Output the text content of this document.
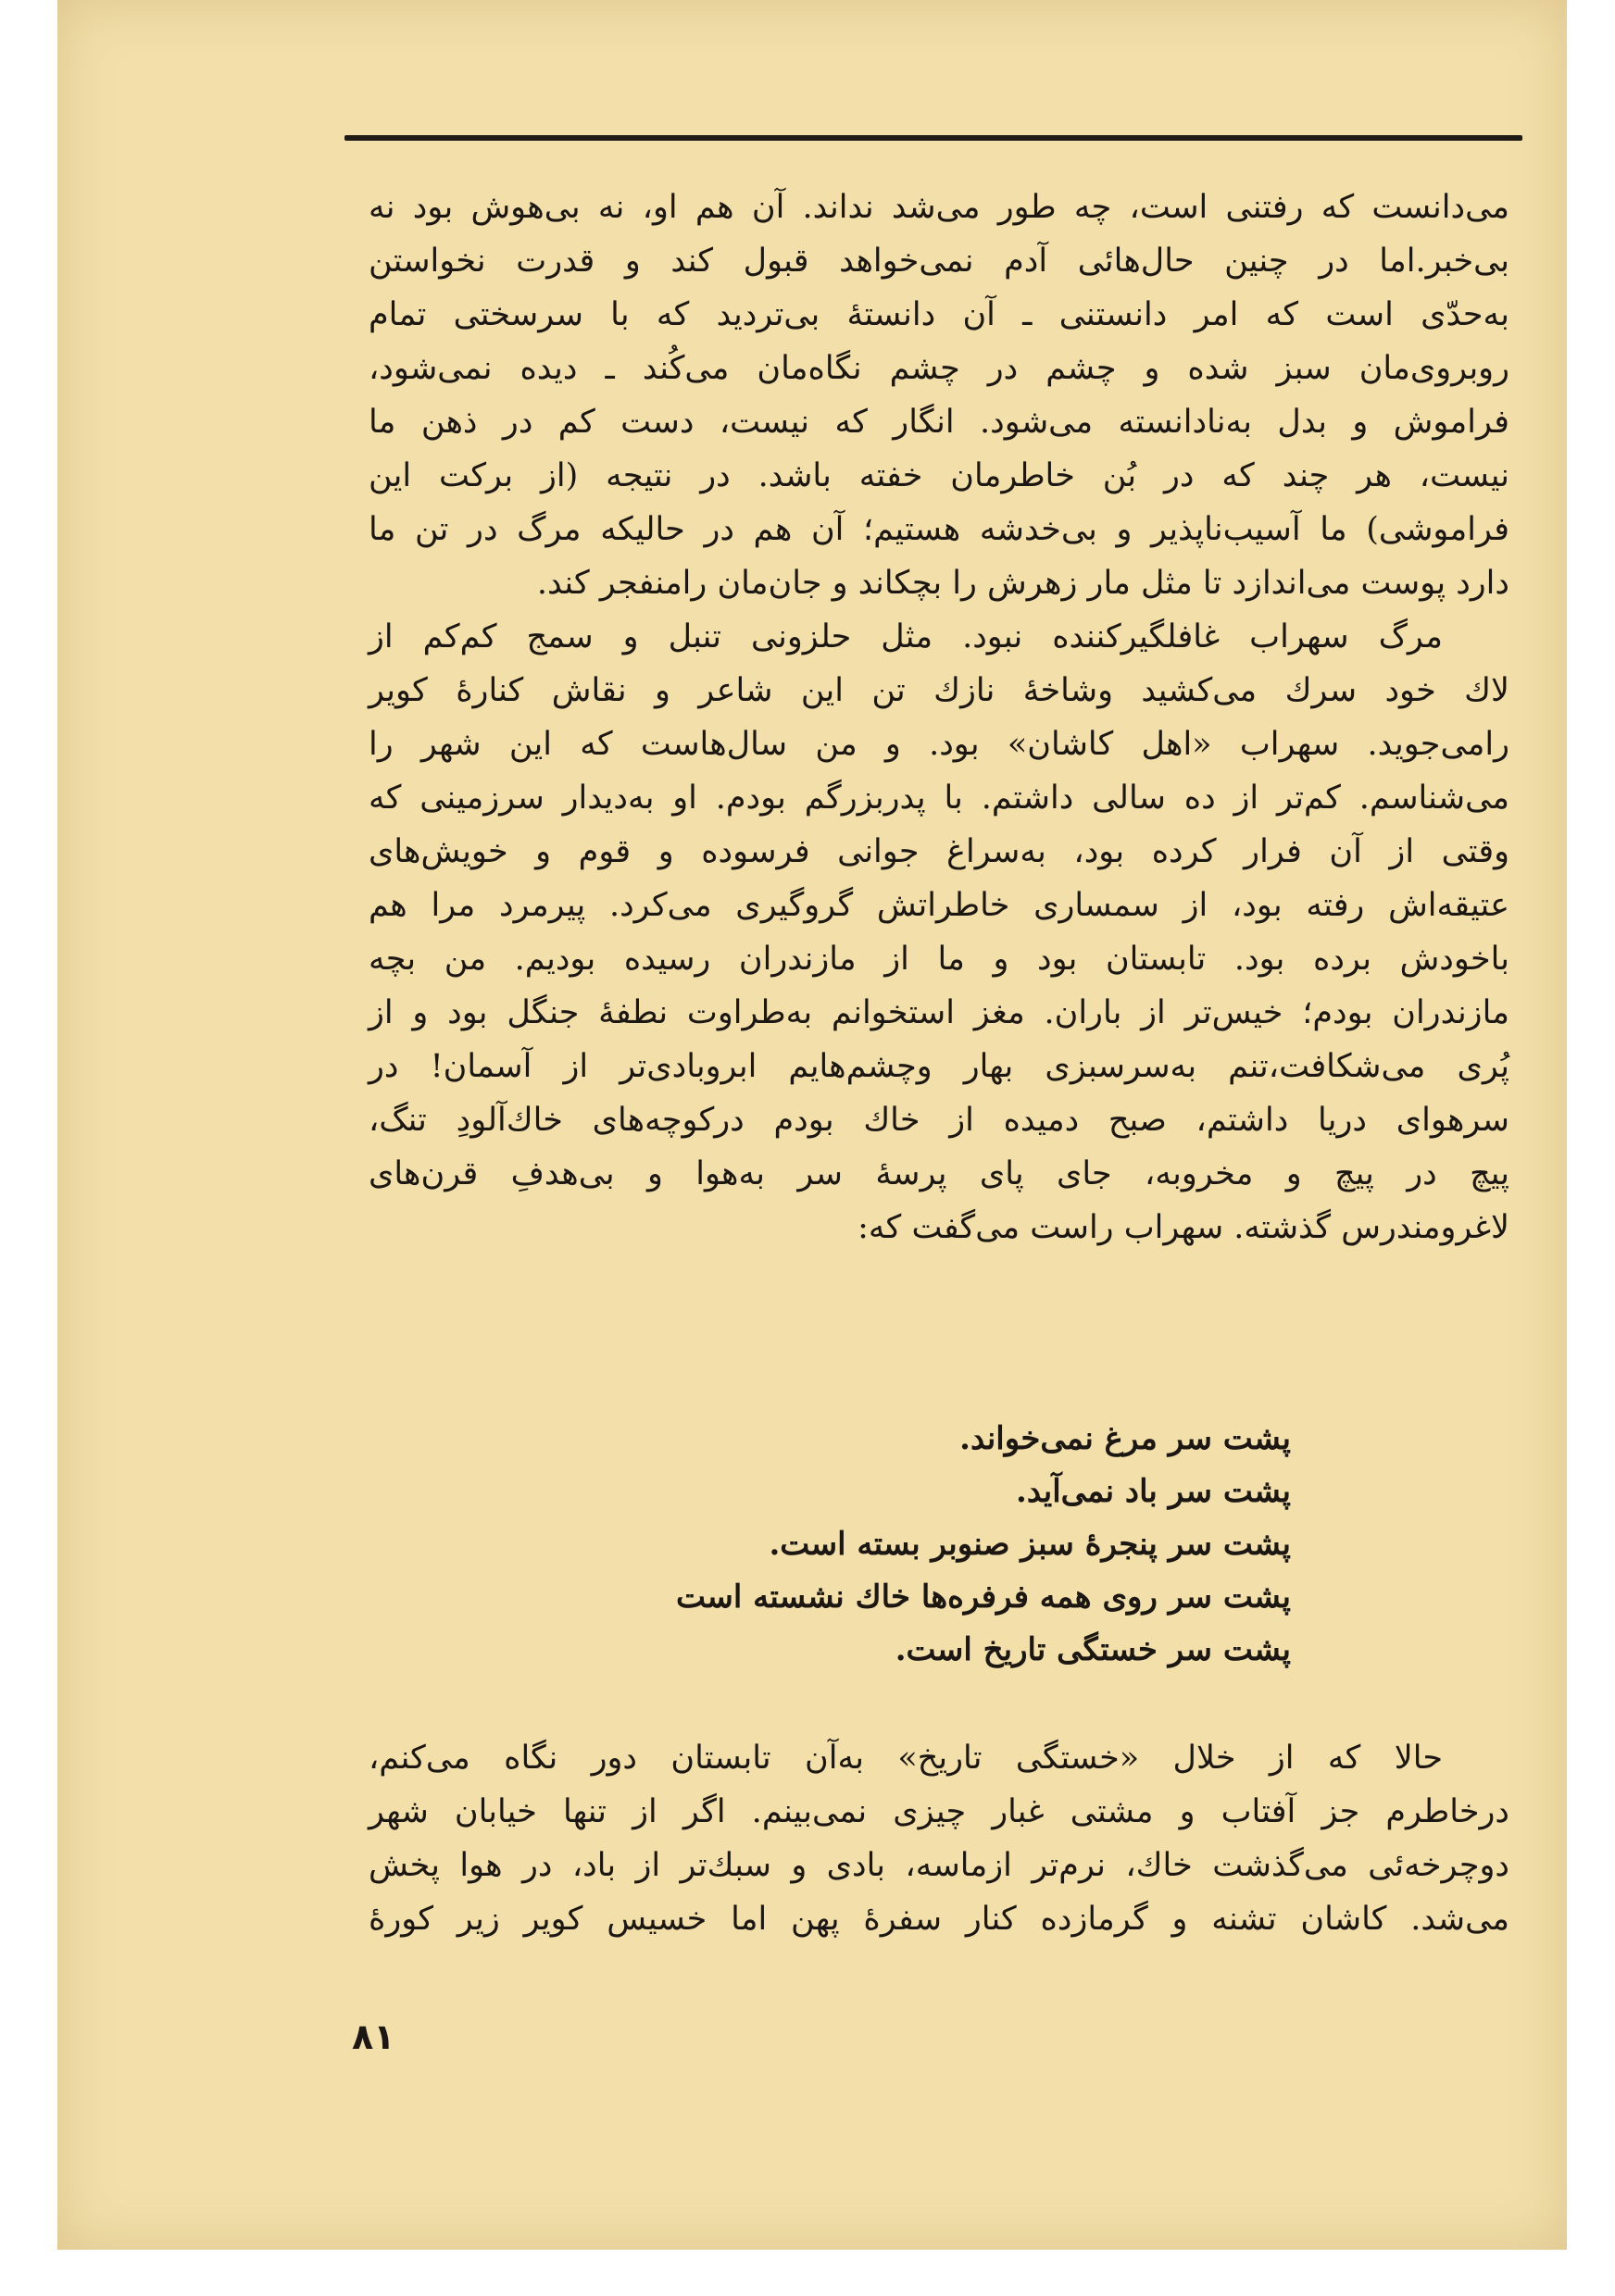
می‌دانست که رفتنی است، چه طور می‌شد نداند. آن هم او، نه بی‌هوش بود نه
بی‌خبر.اما در چنین حال‌هائی آدم نمی‌خواهد قبول کند و قدرت نخواستن
به‌حدّی است که امر دانستنی ـ آن دانستهٔ بی‌تردید که با سرسختی تمام
روبروی‌مان سبز شده و چشم در چشم نگاه‌مان می‌کُند ـ دیده نمی‌شود،
فراموش و بدل به‌نادانسته می‌شود. انگار که نیست، دست کم در ذهن ما
نیست، هر چند که در بُن خاطرمان خفته باشد. در نتیجه (از برکت این
فراموشی) ما آسیب‌ناپذیر و بی‌خدشه هستیم؛ آن هم در حالیکه مرگ در تن ما
دارد پوست می‌اندازد تا مثل مار زهرش را بچکاند و جان‌مان رامنفجر کند.
مرگ سهراب غافلگیرکننده نبود. مثل حلزونی تنبل و سمج کم‌کم از
لاك خود سرك می‌کشید وشاخهٔ نازك تن این شاعر و نقاش کنارهٔ کویر
رامی‌جوید. سهراب «اهل کاشان» بود. و من سال‌هاست که این شهر را
می‌شناسم. کم‌تر از ده سالی داشتم. با پدربزرگم بودم. او به‌دیدار سرزمینی که
وقتی از آن فرار کرده بود، به‌سراغ جوانی فرسوده و قوم و خویش‌های
عتیقه‌اش رفته بود، از سمساری خاطراتش گروگیری می‌کرد. پیرمرد مرا هم
باخودش برده بود. تابستان بود و ما از مازندران رسیده بودیم. من بچه
مازندران بودم؛ خیس‌تر از باران. مغز استخوانم به‌طراوت نطفهٔ جنگل بود و از
پُری می‌شکافت،تنم به‌سرسبزی بهار وچشم‌هایم ابروبادی‌تر از آسمان! در
سرهوای دریا داشتم، صبح دمیده از خاك بودم درکوچه‌های خاك‌آلودِ تنگ،
پیچ در پیچ و مخروبه، جای پای پرسهٔ سر به‌هوا و بی‌هدفِ قرن‌های
لاغرومندرس گذشته. سهراب راست می‌گفت که:
پشت سر مرغ نمی‌خواند.
پشت سر باد نمی‌آید.
پشت سر پنجرهٔ سبز صنوبر بسته است.
پشت سر روی همه فرفره‌ها خاك نشسته است
پشت سر خستگی تاریخ است.
حالا که از خلال «خستگی تاریخ» به‌آن تابستان دور نگاه می‌کنم،
درخاطرم جز آفتاب و مشتی غبار چیزی نمی‌بینم. اگر از تنها خیابان شهر
دوچرخه‌ئی می‌گذشت خاك، نرم‌تر ازماسه، بادی و سبك‌تر از باد، در هوا پخش
می‌شد. کاشان تشنه و گرمازده کنار سفرهٔ پهن اما خسیس کویر زیر کورهٔ
۸۱
